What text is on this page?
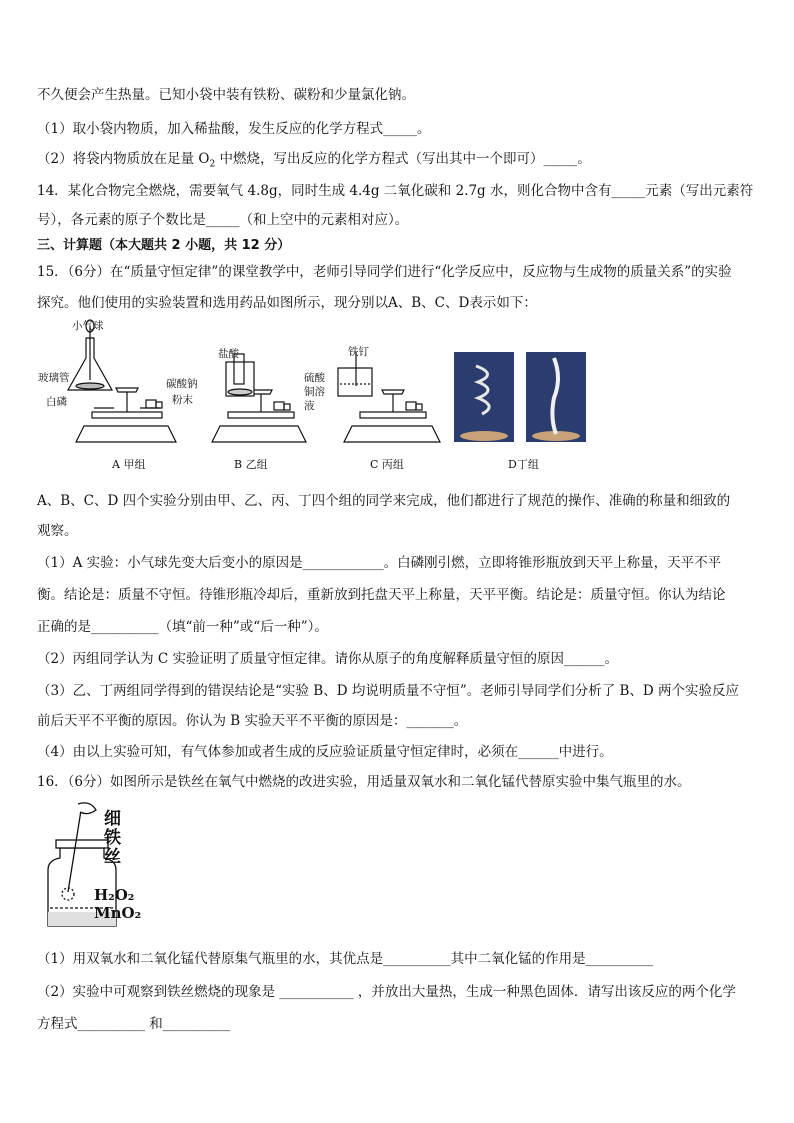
不久便会产生热量。已知小袋中装有铁粉、碳粉和少量氯化钠。
（1）取小袋内物质，加入稀盐酸，发生反应的化学方程式_____。
（2）将袋内物质放在足量 $O_2$ 中燃烧，写出反应的化学方程式（写出其中一个即可）_____。
14．某化合物完全燃烧，需要氧气 4.8g，同时生成 4.4g 二氧化碳和 2.7g 水，则化合物中含有_____元素（写出元素符
号），各元素的原子个数比是_____（和上空中的元素相对应）。
三、计算题（本大题共 2 小题，共 12 分）
15．（6分）在“质量守恒定律”的课堂教学中，老师引导同学们进行“化学反应中，反应物与生成物的质量关系”的实验
探究。他们使用的实验装置和选用药品如图所示，现分别以A、B、C、D表示如下：
小气球
玻璃管
白磷
盐酸
碳酸钠
粉末
铁钉
硫酸
铜溶
液
A 甲组	B 乙组	C 丙组	D丁组
A、B、C、D 四个实验分别由甲、乙、丙、丁四个组的同学来完成，他们都进行了规范的操作、准确的称量和细致的
观察。
（1）A 实验：小气球先变大后变小的原因是____________。白磷刚引燃，立即将锥形瓶放到天平上称量，天平不平
衡。结论是：质量不守恒。待锥形瓶冷却后，重新放到托盘天平上称量，天平平衡。结论是：质量守恒。你认为结论
正确的是__________（填“前一种”或“后一种”）。
（2）丙组同学认为 C 实验证明了质量守恒定律。请你从原子的角度解释质量守恒的原因______。
（3）乙、丁两组同学得到的错误结论是“实验 B、D 均说明质量不守恒”。老师引导同学们分析了 B、D 两个实验反应
前后天平不平衡的原因。你认为 B 实验天平不平衡的原因是：_______。
（4）由以上实验可知，有气体参加或者生成的反应验证质量守恒定律时，必须在______中进行。
16．（6分）如图所示是铁丝在氧气中燃烧的改进实验，用适量双氧水和二氧化锰代替原实验中集气瓶里的水。
细
铁
丝
H₂O₂
MnO₂
（1）用双氧水和二氧化锰代替原集气瓶里的水，其优点是__________其中二氧化锰的作用是__________
（2）实验中可观察到铁丝燃烧的现象是 ___________ ，并放出大量热，生成一种黑色固体．请写出该反应的两个化学
方程式__________ 和__________
